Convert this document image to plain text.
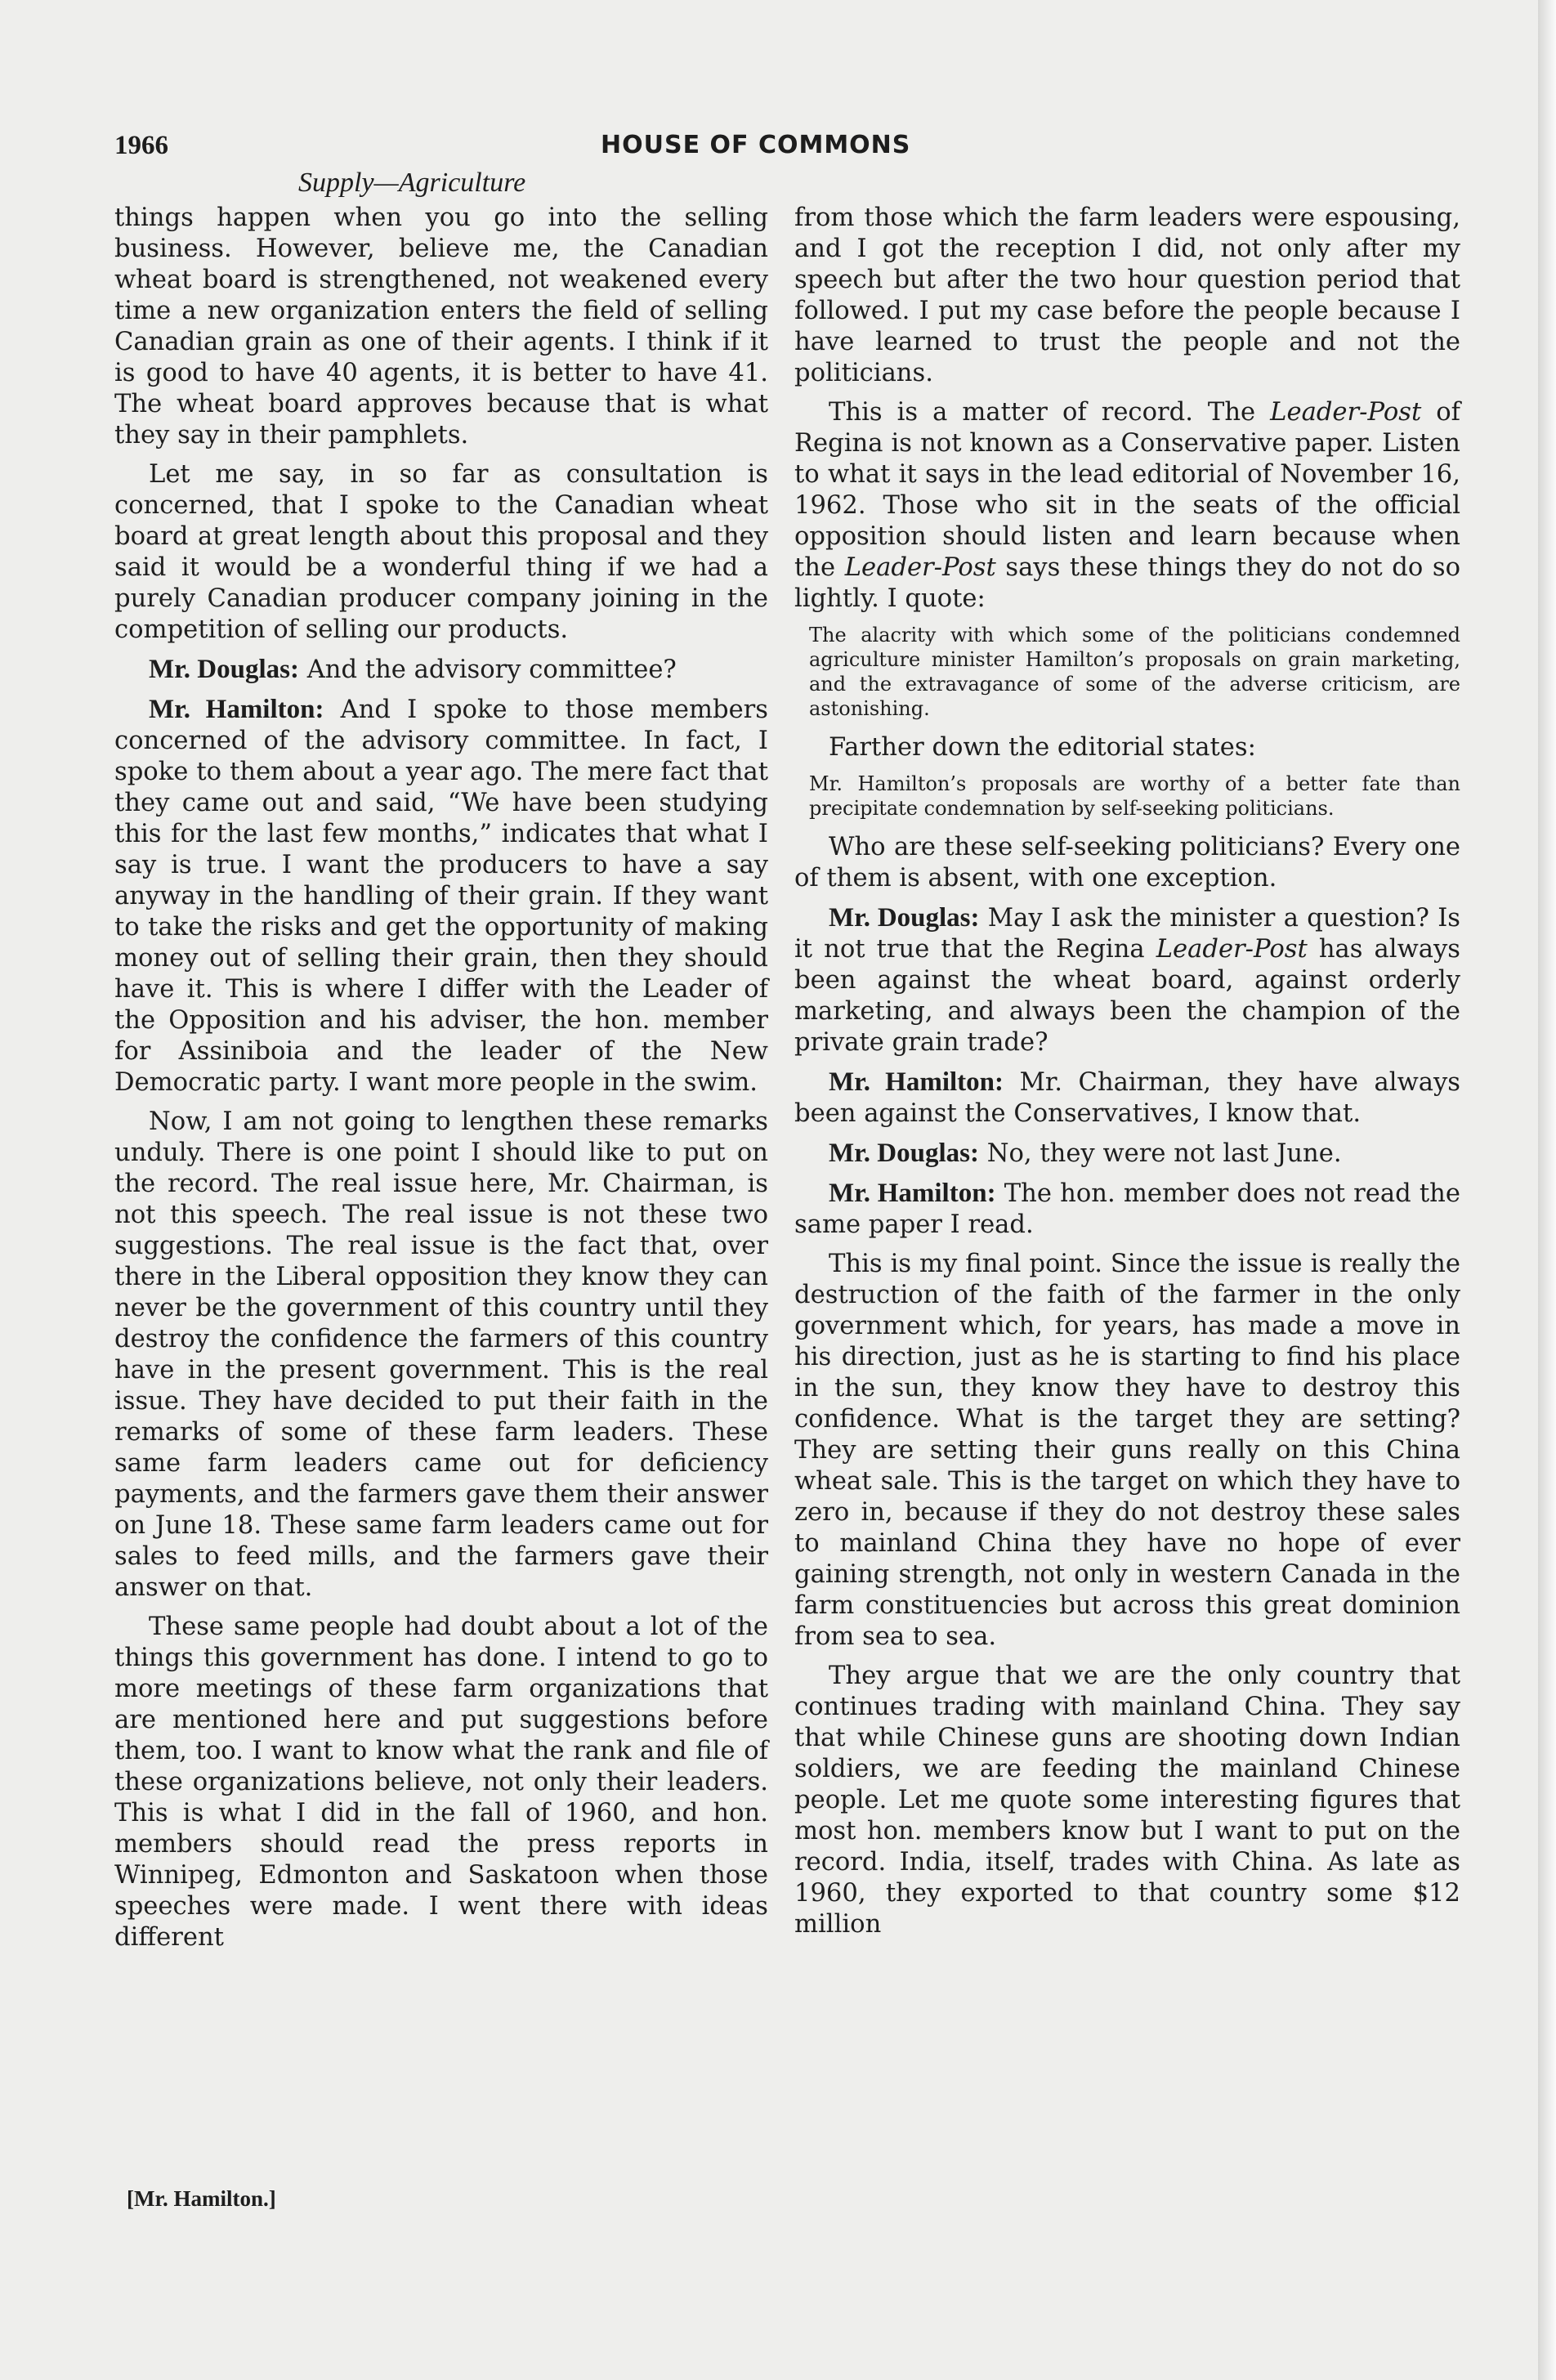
1966	HOUSE OF COMMONS
Supply—Agriculture

things happen when you go into the selling business. However, believe me, the Canadian wheat board is strengthened, not weakened every time a new organization enters the field of selling Canadian grain as one of their agents. I think if it is good to have 40 agents, it is better to have 41. The wheat board approves because that is what they say in their pamphlets.

Let me say, in so far as consultation is concerned, that I spoke to the Canadian wheat board at great length about this proposal and they said it would be a wonderful thing if we had a purely Canadian producer company joining in the competition of selling our products.

Mr. Douglas: And the advisory committee?

Mr. Hamilton: And I spoke to those members concerned of the advisory committee. In fact, I spoke to them about a year ago. The mere fact that they came out and said, “We have been studying this for the last few months,” indicates that what I say is true. I want the producers to have a say anyway in the handling of their grain. If they want to take the risks and get the opportunity of making money out of selling their grain, then they should have it. This is where I differ with the Leader of the Opposition and his adviser, the hon. member for Assiniboia and the leader of the New Democratic party. I want more people in the swim.

Now, I am not going to lengthen these remarks unduly. There is one point I should like to put on the record. The real issue here, Mr. Chairman, is not this speech. The real issue is not these two suggestions. The real issue is the fact that, over there in the Liberal opposition they know they can never be the government of this country until they destroy the confidence the farmers of this country have in the present government. This is the real issue. They have decided to put their faith in the remarks of some of these farm leaders. These same farm leaders came out for deficiency payments, and the farmers gave them their answer on June 18. These same farm leaders came out for sales to feed mills, and the farmers gave their answer on that.

These same people had doubt about a lot of the things this government has done. I intend to go to more meetings of these farm organizations that are mentioned here and put suggestions before them, too. I want to know what the rank and file of these organizations believe, not only their leaders. This is what I did in the fall of 1960, and hon. members should read the press reports in Winnipeg, Edmonton and Saskatoon when those speeches were made. I went there with ideas different

from those which the farm leaders were espousing, and I got the reception I did, not only after my speech but after the two hour question period that followed. I put my case before the people because I have learned to trust the people and not the politicians.

This is a matter of record. The Leader-Post of Regina is not known as a Conservative paper. Listen to what it says in the lead editorial of November 16, 1962. Those who sit in the seats of the official opposition should listen and learn because when the Leader-Post says these things they do not do so lightly. I quote:

The alacrity with which some of the politicians condemned agriculture minister Hamilton’s proposals on grain marketing, and the extravagance of some of the adverse criticism, are astonishing.

Farther down the editorial states:

Mr. Hamilton’s proposals are worthy of a better fate than precipitate condemnation by self-seeking politicians.

Who are these self-seeking politicians? Every one of them is absent, with one exception.

Mr. Douglas: May I ask the minister a question? Is it not true that the Regina Leader-Post has always been against the wheat board, against orderly marketing, and always been the champion of the private grain trade?

Mr. Hamilton: Mr. Chairman, they have always been against the Conservatives, I know that.

Mr. Douglas: No, they were not last June.

Mr. Hamilton: The hon. member does not read the same paper I read.

This is my final point. Since the issue is really the destruction of the faith of the farmer in the only government which, for years, has made a move in his direction, just as he is starting to find his place in the sun, they know they have to destroy this confidence. What is the target they are setting? They are setting their guns really on this China wheat sale. This is the target on which they have to zero in, because if they do not destroy these sales to mainland China they have no hope of ever gaining strength, not only in western Canada in the farm constituencies but across this great dominion from sea to sea.

They argue that we are the only country that continues trading with mainland China. They say that while Chinese guns are shooting down Indian soldiers, we are feeding the mainland Chinese people. Let me quote some interesting figures that most hon. members know but I want to put on the record. India, itself, trades with China. As late as 1960, they exported to that country some $12 million

[Mr. Hamilton.]
